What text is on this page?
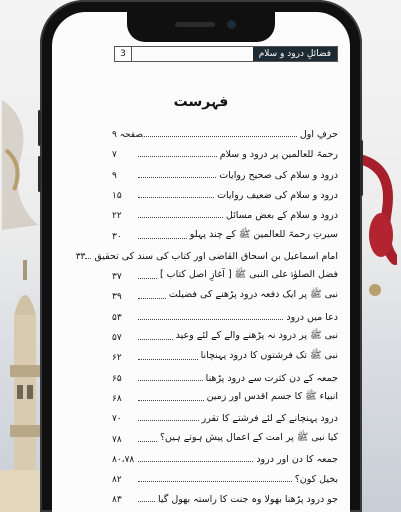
3	فضائلِ درود و سلام
فہرست
حرفِ اول
صفحہ ۹
رحمۃ للعالمین پر درود و سلام
۷
درود و سلام کی صحیح روایات
۹
درود و سلام کی ضعیف روایات
۱۵
درود و سلام کے بعض مسائل
۲۲
سیرتِ رحمۃ للعالمین ﷺ کے چند پہلو
۳۰
امام اسماعیل بن اسحاق القاضی اور کتاب کی سند کی تحقیق
۳۳
فضل الصلوٰۃ علی النبی ﷺ [ آغازِ اصل کتاب ]
۳۷
نبی ﷺ پر ایک دفعہ درود پڑھنے کی فضیلت
۳۹
دعا میں درود
۵۳
نبی ﷺ پر درود نہ پڑھنے والے کے لئے وعید
۵۷
نبی ﷺ تک فرشتوں کا درود پہنچانا
۶۲
جمعہ کے دن کثرت سے درود پڑھنا
۶۵
انبیاء ﷺ کا جسم اقدس اور زمین
۶۸
درود پہنچانے کے لئے فرشتے کا تقرر
۷۰
کیا نبی ﷺ پر امت کے اعمال پیش ہوتے ہیں؟
۷۸
جمعہ کا دن اور درود
۸۰،۷۸
بخیل کون؟
۸۲
جو درود پڑھنا بھولا وہ جنت کا راستہ بھول گیا
۸۳
